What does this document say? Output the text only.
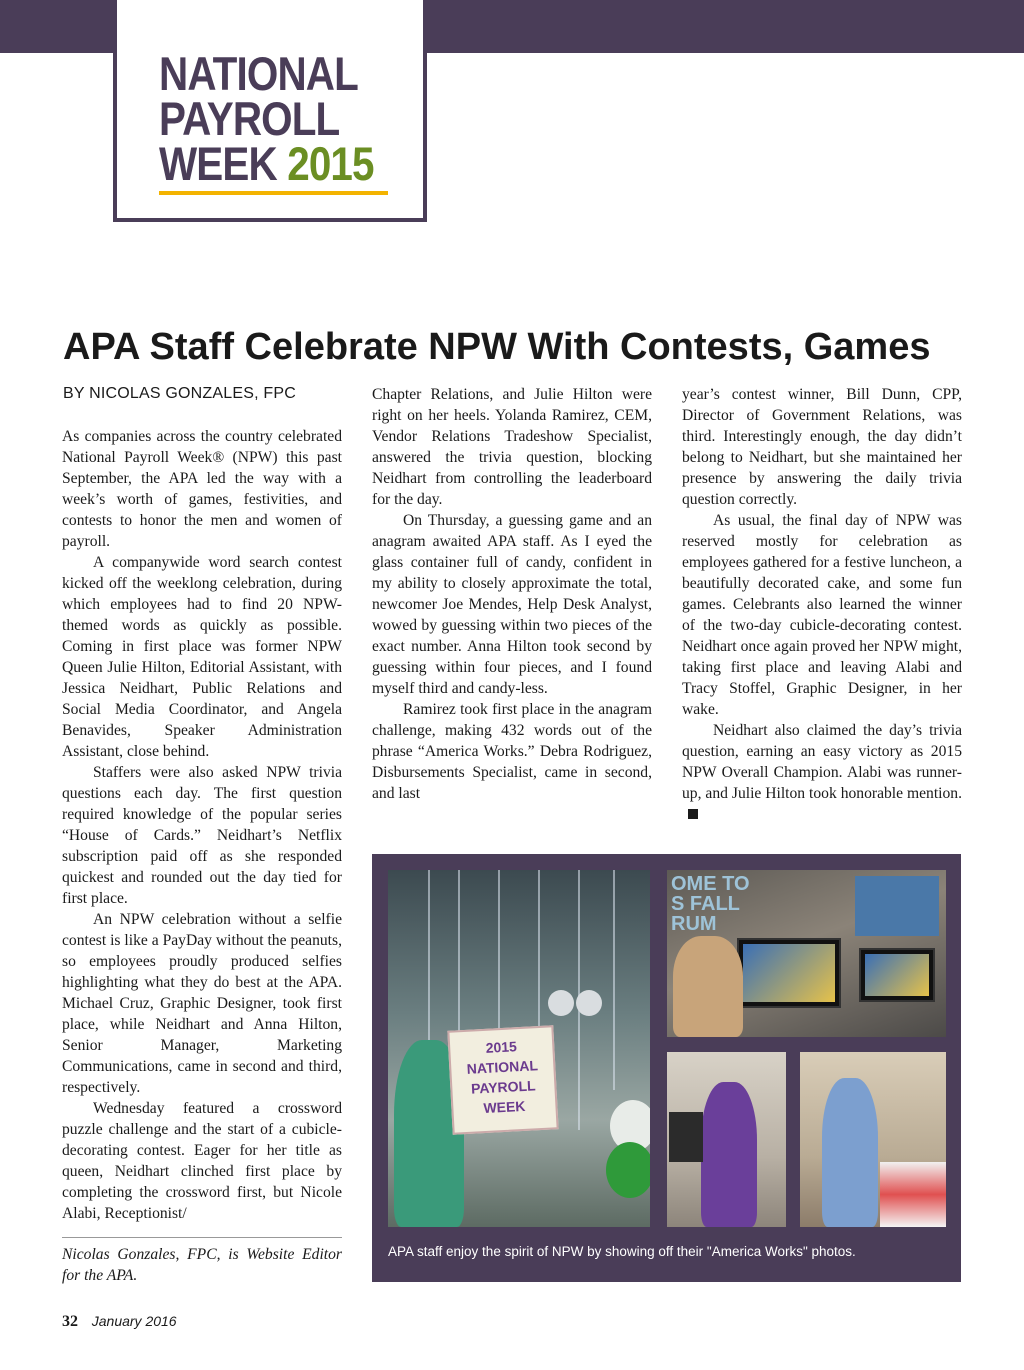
NATIONAL
PAYROLL
WEEK 2015
APA Staff Celebrate NPW With Contests, Games
BY NICOLAS GONZALES, FPC

As companies across the country celebrated National Payroll Week® (NPW) this past September, the APA led the way with a week’s worth of games, festivities, and contests to honor the men and women of payroll.

A companywide word search contest kicked off the weeklong celebration, during which employees had to find 20 NPW-themed words as quickly as possible. Coming in first place was former NPW Queen Julie Hilton, Editorial Assistant, with Jessica Neidhart, Public Relations and Social Media Coordinator, and Angela Benavides, Speaker Administration Assistant, close behind.

Staffers were also asked NPW trivia questions each day. The first question required knowledge of the popular series “House of Cards.” Neidhart’s Netflix subscription paid off as she responded quickest and rounded out the day tied for first place.

An NPW celebration without a selfie contest is like a PayDay without the peanuts, so employees proudly produced selfies highlighting what they do best at the APA. Michael Cruz, Graphic Designer, took first place, while Neidhart and Anna Hilton, Senior Manager, Marketing Communications, came in second and third, respectively.

Wednesday featured a crossword puzzle challenge and the start of a cubicle-decorating contest. Eager for her title as queen, Neidhart clinched first place by completing the crossword first, but Nicole Alabi, Receptionist/

Chapter Relations, and Julie Hilton were right on her heels. Yolanda Ramirez, CEM, Vendor Relations Tradeshow Specialist, answered the trivia question, blocking Neidhart from controlling the leaderboard for the day.

On Thursday, a guessing game and an anagram awaited APA staff. As I eyed the glass container full of candy, confident in my ability to closely approximate the total, newcomer Joe Mendes, Help Desk Analyst, wowed by guessing within two pieces of the exact number. Anna Hilton took second by guessing within four pieces, and I found myself third and candy-less.

Ramirez took first place in the anagram challenge, making 432 words out of the phrase “America Works.” Debra Rodriguez, Disbursements Specialist, came in second, and last

year’s contest winner, Bill Dunn, CPP, Director of Government Relations, was third. Interestingly enough, the day didn’t belong to Neidhart, but she maintained her presence by answering the daily trivia question correctly.

As usual, the final day of NPW was reserved mostly for celebration as employees gathered for a festive luncheon, a beautifully decorated cake, and some fun games. Celebrants also learned the winner of the two-day cubicle-decorating contest. Neidhart once again proved her NPW might, taking first place and leaving Alabi and Tracy Stoffel, Graphic Designer, in her wake.

Neidhart also claimed the day’s trivia question, earning an easy victory as 2015 NPW Overall Champion. Alabi was runner-up, and Julie Hilton took honorable mention.

Nicolas Gonzales, FPC, is Website Editor for the APA.
2015
NATIONAL
PAYROLL
WEEK
OME TO
S FALL
RUM
APA staff enjoy the spirit of NPW by showing off their "America Works" photos.
32 January 2016
